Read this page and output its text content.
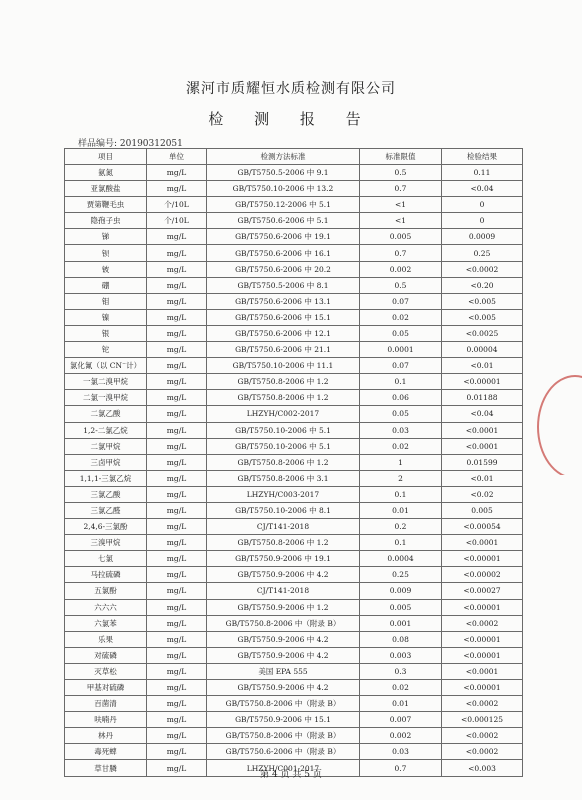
漯河市质耀恒水质检测有限公司
检 测 报 告
样品编号: 20190312051
项目	单位	检测方法标准	标准限值	检验结果
氨氮	mg/L	GB/T5750.5-2006 中 9.1	0.5	0.11
亚氯酸盐	mg/L	GB/T5750.10-2006 中 13.2	0.7	<0.04
贾第鞭毛虫	个/10L	GB/T5750.12-2006 中 5.1	<1	0
隐孢子虫	个/10L	GB/T5750.6-2006 中 5.1	<1	0
锑	mg/L	GB/T5750.6-2006 中 19.1	0.005	0.0009
钡	mg/L	GB/T5750.6-2006 中 16.1	0.7	0.25
铍	mg/L	GB/T5750.6-2006 中 20.2	0.002	<0.0002
硼	mg/L	GB/T5750.5-2006 中 8.1	0.5	<0.20
钼	mg/L	GB/T5750.6-2006 中 13.1	0.07	<0.005
镍	mg/L	GB/T5750.6-2006 中 15.1	0.02	<0.005
银	mg/L	GB/T5750.6-2006 中 12.1	0.05	<0.0025
铊	mg/L	GB/T5750.6-2006 中 21.1	0.0001	0.00004
氯化氰（以 CN⁻计）	mg/L	GB/T5750.10-2006 中 11.1	0.07	<0.01
一氯二溴甲烷	mg/L	GB/T5750.8-2006 中 1.2	0.1	<0.00001
二氯一溴甲烷	mg/L	GB/T5750.8-2006 中 1.2	0.06	0.01188
二氯乙酸	mg/L	LHZYH/C002-2017	0.05	<0.04
1,2-二氯乙烷	mg/L	GB/T5750.10-2006 中 5.1	0.03	<0.0001
二氯甲烷	mg/L	GB/T5750.10-2006 中 5.1	0.02	<0.0001
三卤甲烷	mg/L	GB/T5750.8-2006 中 1.2	1	0.01599
1,1,1-三氯乙烷	mg/L	GB/T5750.8-2006 中 3.1	2	<0.01
三氯乙酸	mg/L	LHZYH/C003-2017	0.1	<0.02
三氯乙醛	mg/L	GB/T5750.10-2006 中 8.1	0.01	0.005
2,4,6-三氯酚	mg/L	CJ/T141-2018	0.2	<0.00054
三溴甲烷	mg/L	GB/T5750.8-2006 中 1.2	0.1	<0.0001
七氯	mg/L	GB/T5750.9-2006 中 19.1	0.0004	<0.00001
马拉硫磷	mg/L	GB/T5750.9-2006 中 4.2	0.25	<0.00002
五氯酚	mg/L	CJ/T141-2018	0.009	<0.00027
六六六	mg/L	GB/T5750.9-2006 中 1.2	0.005	<0.00001
六氯苯	mg/L	GB/T5750.8-2006 中（附录 B）	0.001	<0.0002
乐果	mg/L	GB/T5750.9-2006 中 4.2	0.08	<0.00001
对硫磷	mg/L	GB/T5750.9-2006 中 4.2	0.003	<0.00001
灭草松	mg/L	美国 EPA 555	0.3	<0.0001
甲基对硫磷	mg/L	GB/T5750.9-2006 中 4.2	0.02	<0.00001
百菌清	mg/L	GB/T5750.8-2006 中（附录 B）	0.01	<0.0002
呋喃丹	mg/L	GB/T5750.9-2006 中 15.1	0.007	<0.000125
林丹	mg/L	GB/T5750.8-2006 中（附录 B）	0.002	<0.0002
毒死蜱	mg/L	GB/T5750.6-2006 中（附录 B）	0.03	<0.0002
草甘膦	mg/L	LHZYH/C001-2017	0.7	<0.003
第 4 页 共 5 页
